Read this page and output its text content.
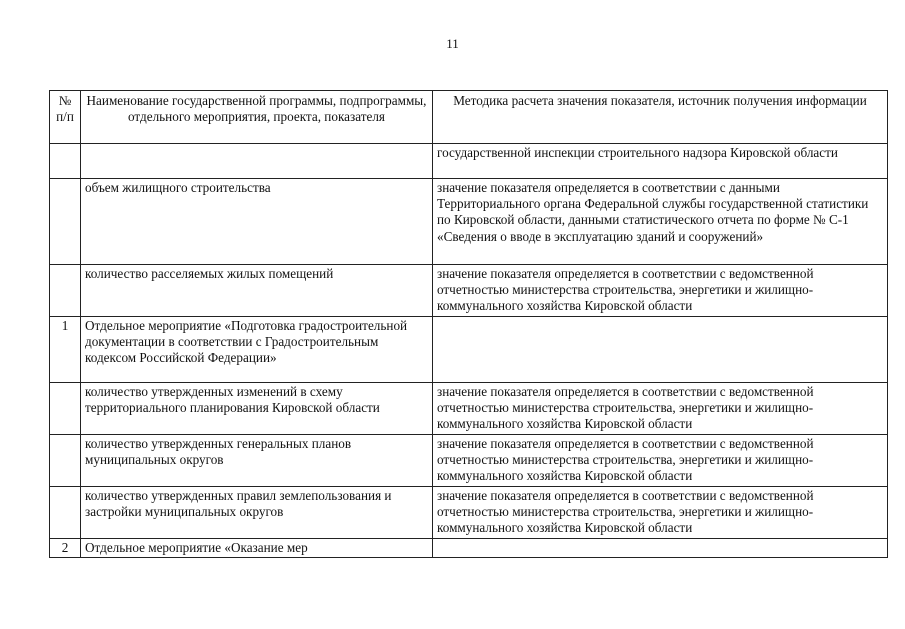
11
№ п/п	Наименование государственной программы, подпрограммы, отдельного мероприятия, проекта, показателя	Методика расчета значения показателя, источник получения информации
		государственной инспекции строительного надзора Кировской области
	объем жилищного строительства	значение показателя определяется в соответствии с данными Территориального органа Федеральной службы государственной статистики по Кировской области, данными статистического отчета по форме № С-1 «Сведения о вводе в эксплуатацию зданий и сооружений»
	количество расселяемых жилых помещений	значение показателя определяется в соответствии с ведомственной отчетностью министерства строительства, энергетики и жилищно-коммунального хозяйства Кировской области
1	Отдельное мероприятие «Подготовка градостроительной документации в соответствии с Градостроительным кодексом Российской Федерации»	
	количество утвержденных изменений в схему территориального планирования Кировской области	значение показателя определяется в соответствии с ведомственной отчетностью министерства строительства, энергетики и жилищно-коммунального хозяйства Кировской области
	количество утвержденных генеральных планов муниципальных округов	значение показателя определяется в соответствии с ведомственной отчетностью министерства строительства, энергетики и жилищно-коммунального хозяйства Кировской области
	количество утвержденных правил землепользования и застройки муниципальных округов	значение показателя определяется в соответствии с ведомственной отчетностью министерства строительства, энергетики и жилищно-коммунального хозяйства Кировской области
2	Отдельное мероприятие «Оказание мер	
